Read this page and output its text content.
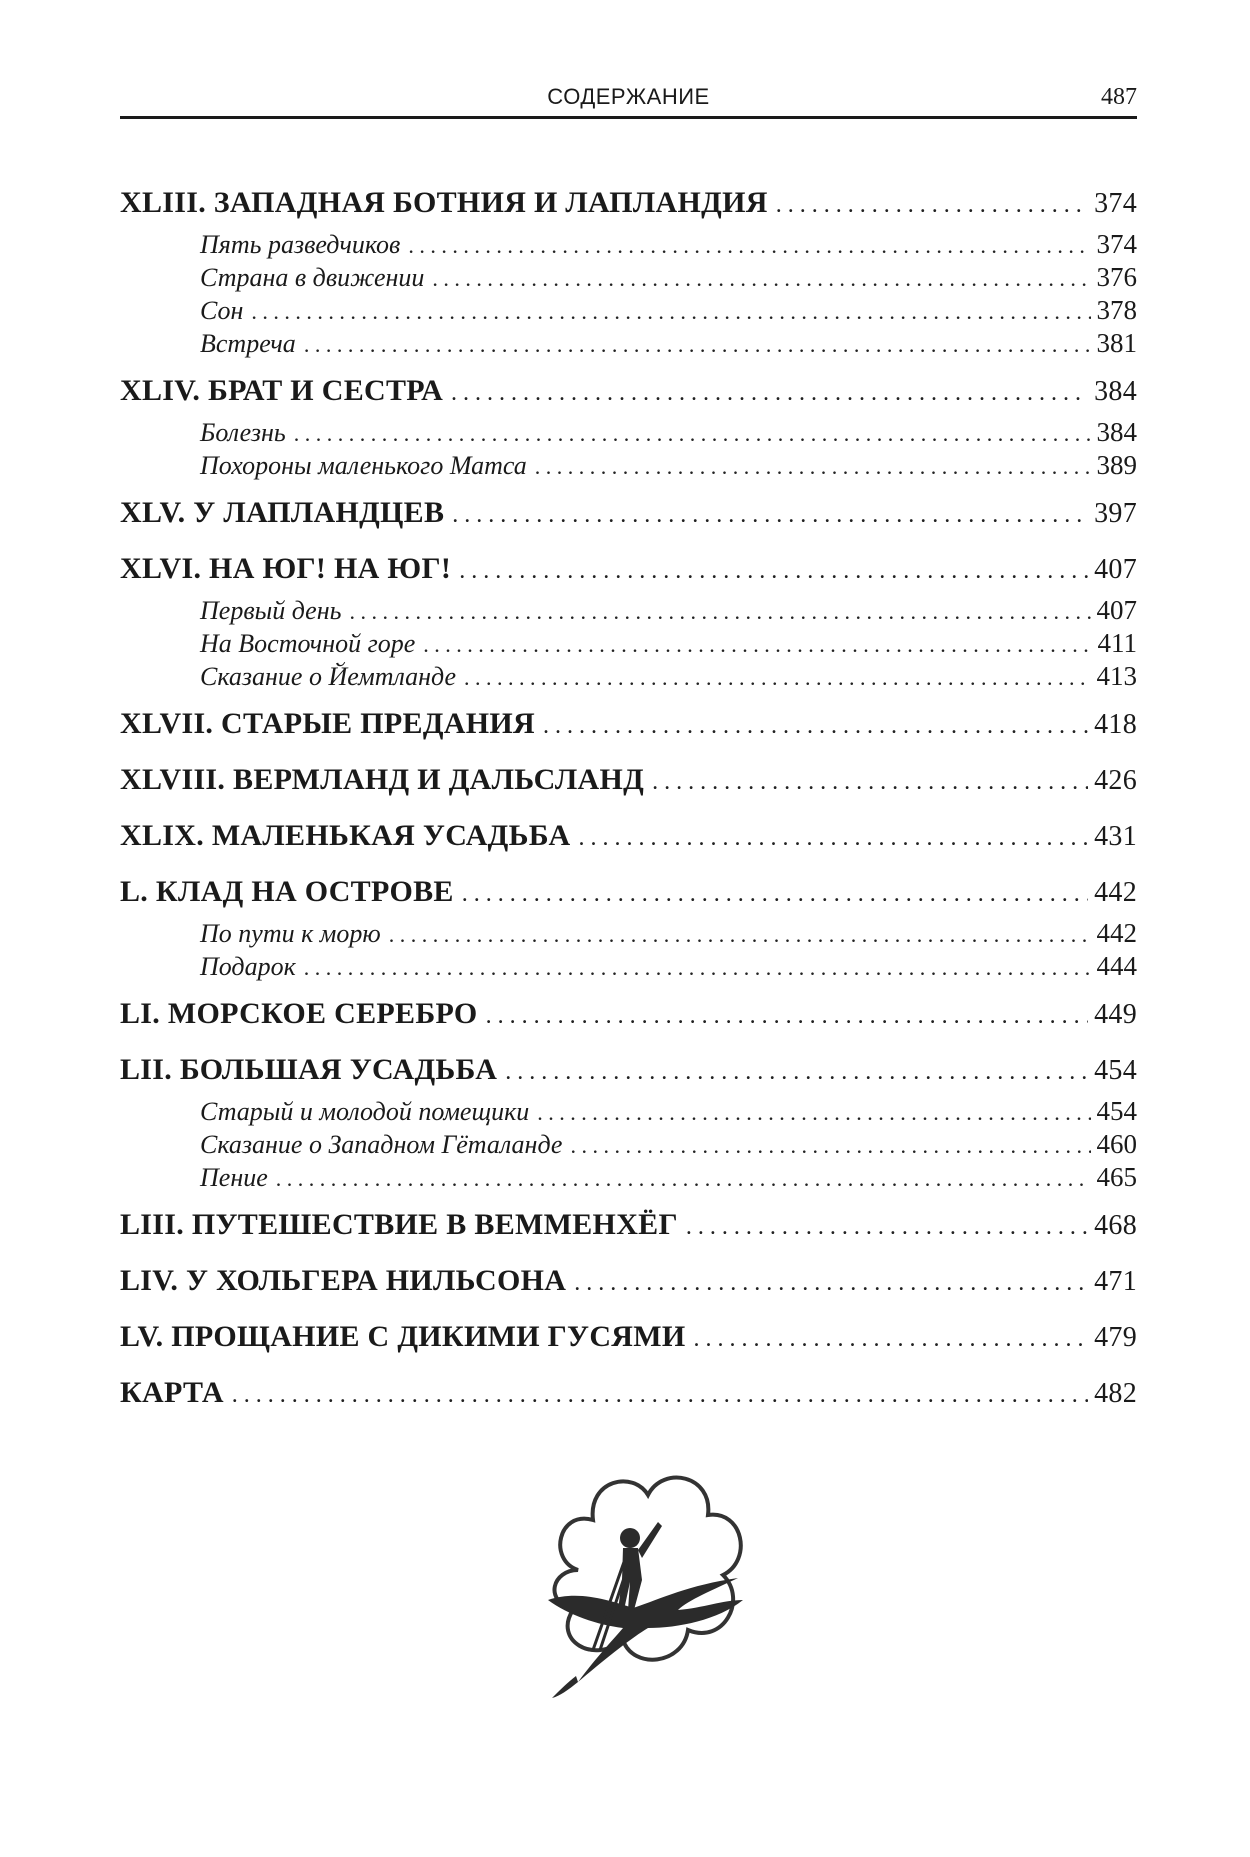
СОДЕРЖАНИЕ	487
XLIII. ЗАПАДНАЯ БОТНИЯ И ЛАПЛАНДИЯ . . .	374
Пять разведчиков . . .	374
Страна в движении . . .	376
Сон . . .	378
Встреча . . .	381
XLIV. БРАТ И СЕСТРА . . .	384
Болезнь . . .	384
Похороны маленького Матса . . .	389
XLV. У ЛАПЛАНДЦЕВ . . .	397
XLVI. НА ЮГ! НА ЮГ! . . .	407
Первый день . . .	407
На Восточной горе . . .	411
Сказание о Йемтланде . . .	413
XLVII. СТАРЫЕ ПРЕДАНИЯ . . .	418
XLVIII. ВЕРМЛАНД И ДАЛЬСЛАНД . . .	426
XLIX. МАЛЕНЬКАЯ УСАДЬБА . . .	431
L. КЛАД НА ОСТРОВЕ . . .	442
По пути к морю . . .	442
Подарок . . .	444
LI. МОРСКОЕ СЕРЕБРО . . .	449
LII. БОЛЬШАЯ УСАДЬБА . . .	454
Старый и молодой помещики . . .	454
Сказание о Западном Гёталанде . . .	460
Пение . . .	465
LIII. ПУТЕШЕСТВИЕ В ВЕММЕНХЁГ . . .	468
LIV. У ХОЛЬГЕРА НИЛЬСОНА . . .	471
LV. ПРОЩАНИЕ С ДИКИМИ ГУСЯМИ . . .	479
КАРТА . . .	482
